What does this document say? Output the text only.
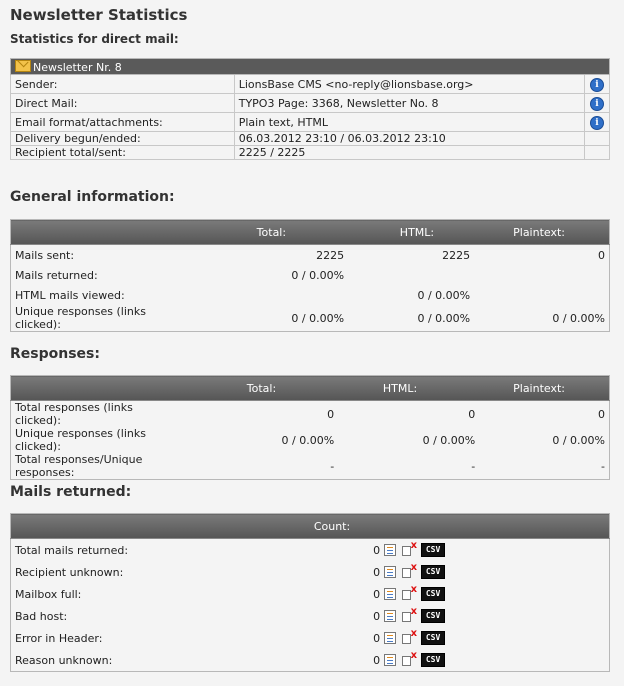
Newsletter Statistics
Statistics for direct mail:
Newsletter Nr. 8		
Sender:	LionsBase CMS <no-reply@lionsbase.org>	i
Direct Mail:	TYPO3 Page: 3368, Newsletter No. 8	i
Email format/attachments:	Plain text, HTML	i
Delivery begun/ended:	06.03.2012 23:10 / 06.03.2012 23:10	
Recipient total/sent:	2225 / 2225	
General information:
	Total:	HTML:	Plaintext:
Mails sent:	2225	2225	0
Mails returned:	0 / 0.00%		
HTML mails viewed:		0 / 0.00%	
Unique responses (links clicked):	0 / 0.00%	0 / 0.00%	0 / 0.00%
Responses:
	Total:	HTML:	Plaintext:
Total responses (links clicked):	0	0	0
Unique responses (links clicked):	0 / 0.00%	0 / 0.00%	0 / 0.00%
Total responses/Unique responses:	-	-	-
Mails returned:
Count:		
Total mails returned:	0	x CSV
Recipient unknown:	0	x CSV
Mailbox full:	0	x CSV
Bad host:	0	x CSV
Error in Header:	0	x CSV
Reason unknown:	0	x CSV
